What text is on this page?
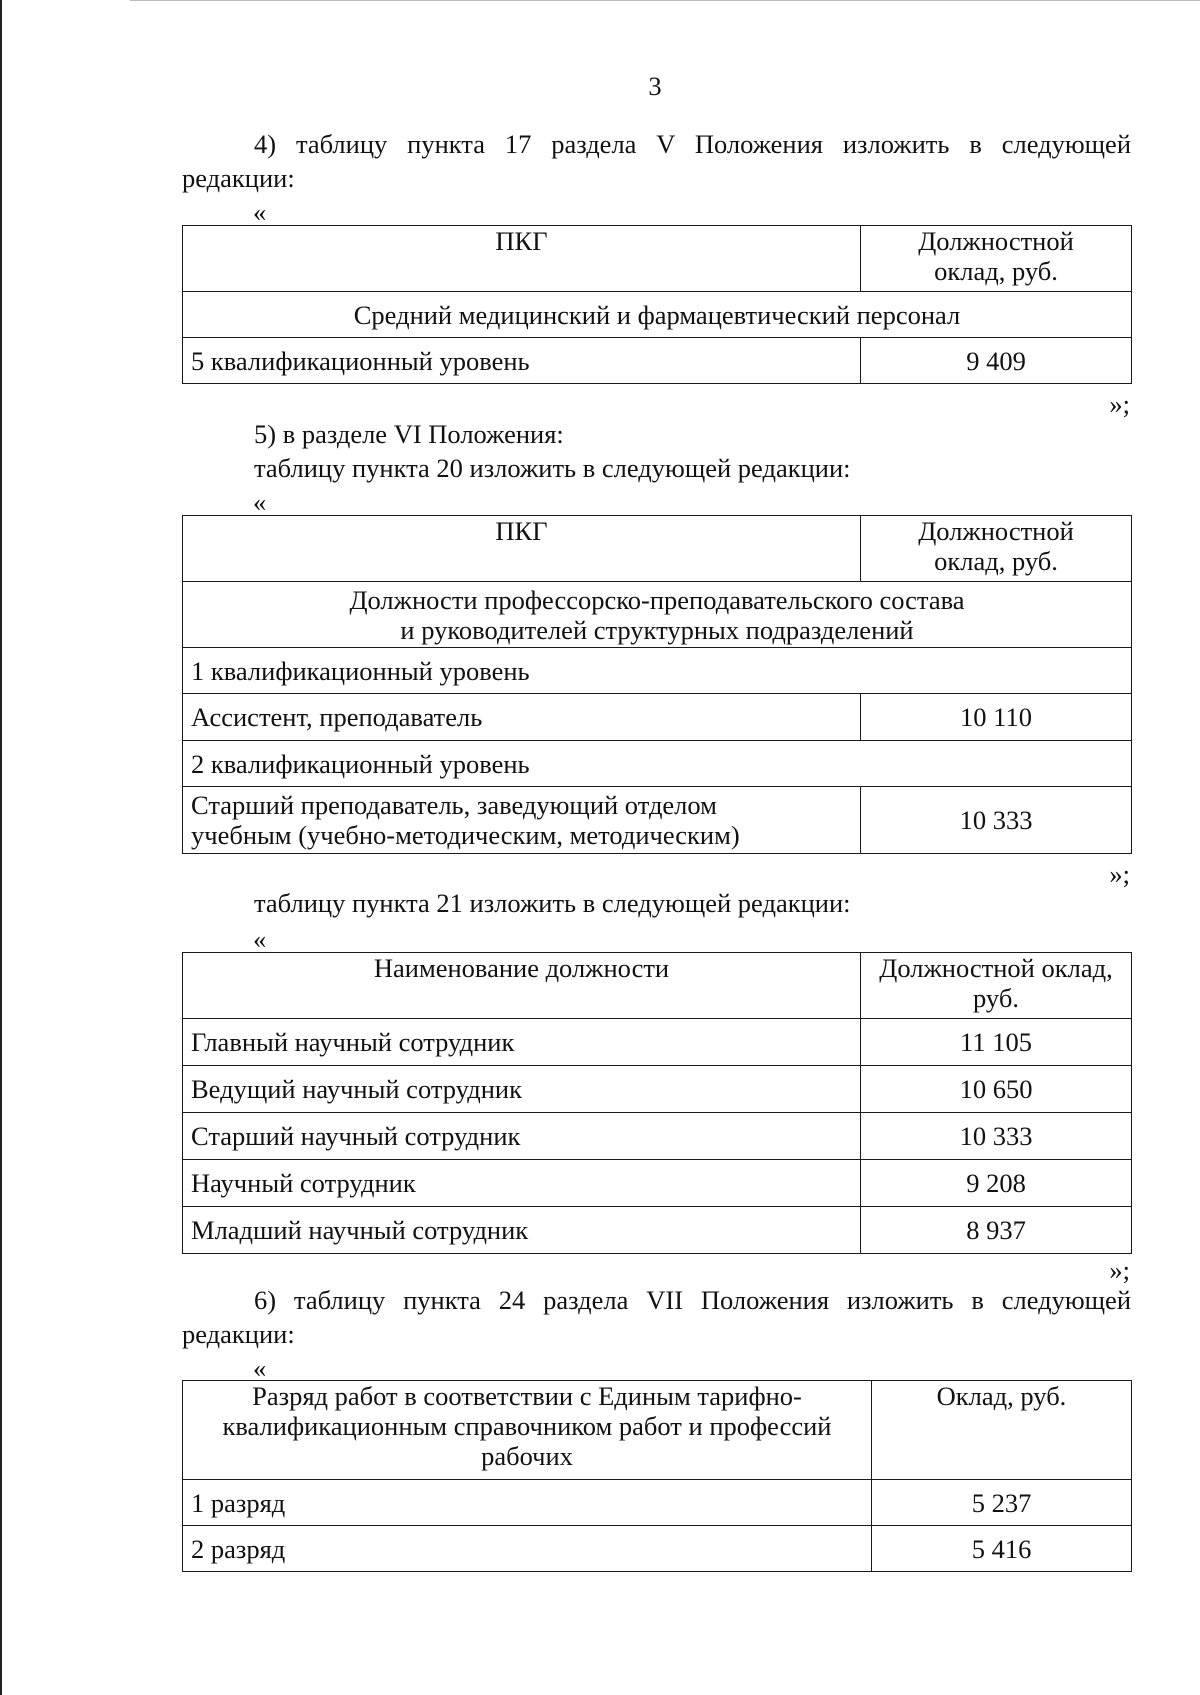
3
4) таблицу пункта 17 раздела V Положения изложить в следующей
редакции:
«
ПКГ	Должностной
оклад, руб.
Средний медицинский и фармацевтический персонал	
5 квалификационный уровень	9 409
»;
5) в разделе VI Положения:
таблицу пункта 20 изложить в следующей редакции:
«
ПКГ	Должностной
оклад, руб.
Должности профессорско-преподавательского состава
и руководителей структурных подразделений	
1 квалификационный уровень	
Ассистент, преподаватель	10 110
2 квалификационный уровень	
Старший преподаватель, заведующий отделом
учебным (учебно-методическим, методическим)	10 333
»;
таблицу пункта 21 изложить в следующей редакции:
«
Наименование должности	Должностной оклад,
руб.
Главный научный сотрудник	11 105
Ведущий научный сотрудник	10 650
Старший научный сотрудник	10 333
Научный сотрудник	9 208
Младший научный сотрудник	8 937
»;
6) таблицу пункта 24 раздела VII Положения изложить в следующей
редакции:
«
Разряд работ в соответствии с Единым тарифно-
квалификационным справочником работ и профессий
рабочих	Оклад, руб.
1 разряд	5 237
2 разряд	5 416
